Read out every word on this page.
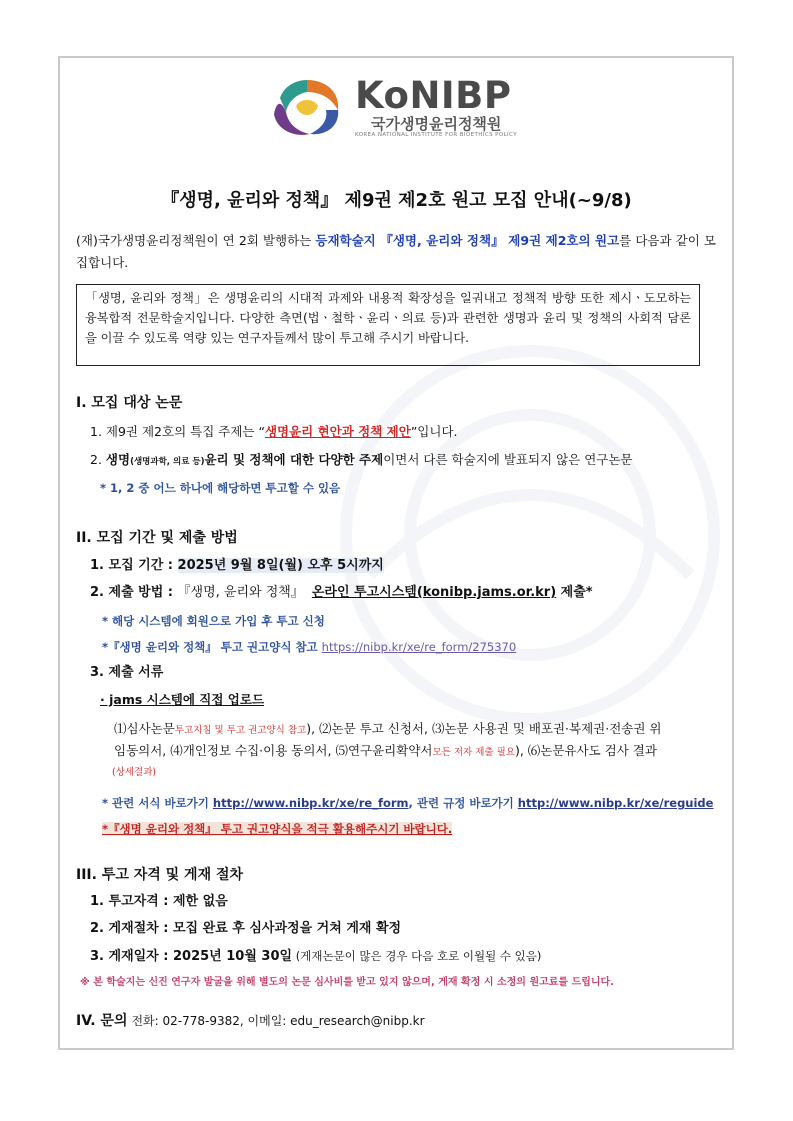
KoNIBP
국가생명윤리정책원
KOREA NATIONAL INSTITUTE FOR BIOETHICS POLICY
『생명, 윤리와 정책』 제9권 제2호 원고 모집 안내(~9/8)
(재)국가생명윤리정책원이 연 2회 발행하는 등재학술지 『생명, 윤리와 정책』 제9권 제2호의 원고를 다음과 같이 모집합니다.
「생명, 윤리와 정책」은 생명윤리의 시대적 과제와 내용적 확장성을 일궈내고 정책적 방향 또한 제시ㆍ도모하는 융복합적 전문학술지입니다. 다양한 측면(법ㆍ철학ㆍ윤리ㆍ의료 등)과 관련한 생명과 윤리 및 정책의 사회적 담론을 이끌 수 있도록 역량 있는 연구자들께서 많이 투고해 주시기 바랍니다.
I. 모집 대상 논문
1. 제9권 제2호의 특집 주제는 “생명윤리 현안과 정책 제안”입니다.
2. 생명(생명과학, 의료 등)윤리 및 정책에 대한 다양한 주제이면서 다른 학술지에 발표되지 않은 연구논문
* 1, 2 중 어느 하나에 해당하면 투고할 수 있음
II. 모집 기간 및 제출 방법
1. 모집 기간 : 2025년 9월 8일(월) 오후 5시까지
2. 제출 방법 : 『생명, 윤리와 정책』 온라인 투고시스템(konibp.jams.or.kr) 제출*
* 해당 시스템에 회원으로 가입 후 투고 신청
*『생명 윤리와 정책』 투고 권고양식 참고 https://nibp.kr/xe/re_form/275370
3. 제출 서류
· jams 시스템에 직접 업로드
⑴심사논문투고지침 및 투고 권고양식 참고), ⑵논문 투고 신청서, ⑶논문 사용권 및 배포권·복제권·전송권 위
임동의서, ⑷개인정보 수집·이용 동의서, ⑸연구윤리확약서모든 저자 제출 필요), ⑹논문유사도 검사 결과
(상세결과)
* 관련 서식 바로가기 http://www.nibp.kr/xe/re_form, 관련 규정 바로가기 http://www.nibp.kr/xe/reguide
*『생명 윤리와 정책』 투고 권고양식을 적극 활용해주시기 바랍니다.
III. 투고 자격 및 게재 절차
1. 투고자격 : 제한 없음
2. 게재절차 : 모집 완료 후 심사과정을 거쳐 게재 확정
3. 게재일자 : 2025년 10월 30일 (게재논문이 많은 경우 다음 호로 이월될 수 있음)
※ 본 학술지는 신진 연구자 발굴을 위해 별도의 논문 심사비를 받고 있지 않으며, 게재 확정 시 소정의 원고료를 드립니다.
IV. 문의 전화: 02-778-9382, 이메일: edu_research@nibp.kr
